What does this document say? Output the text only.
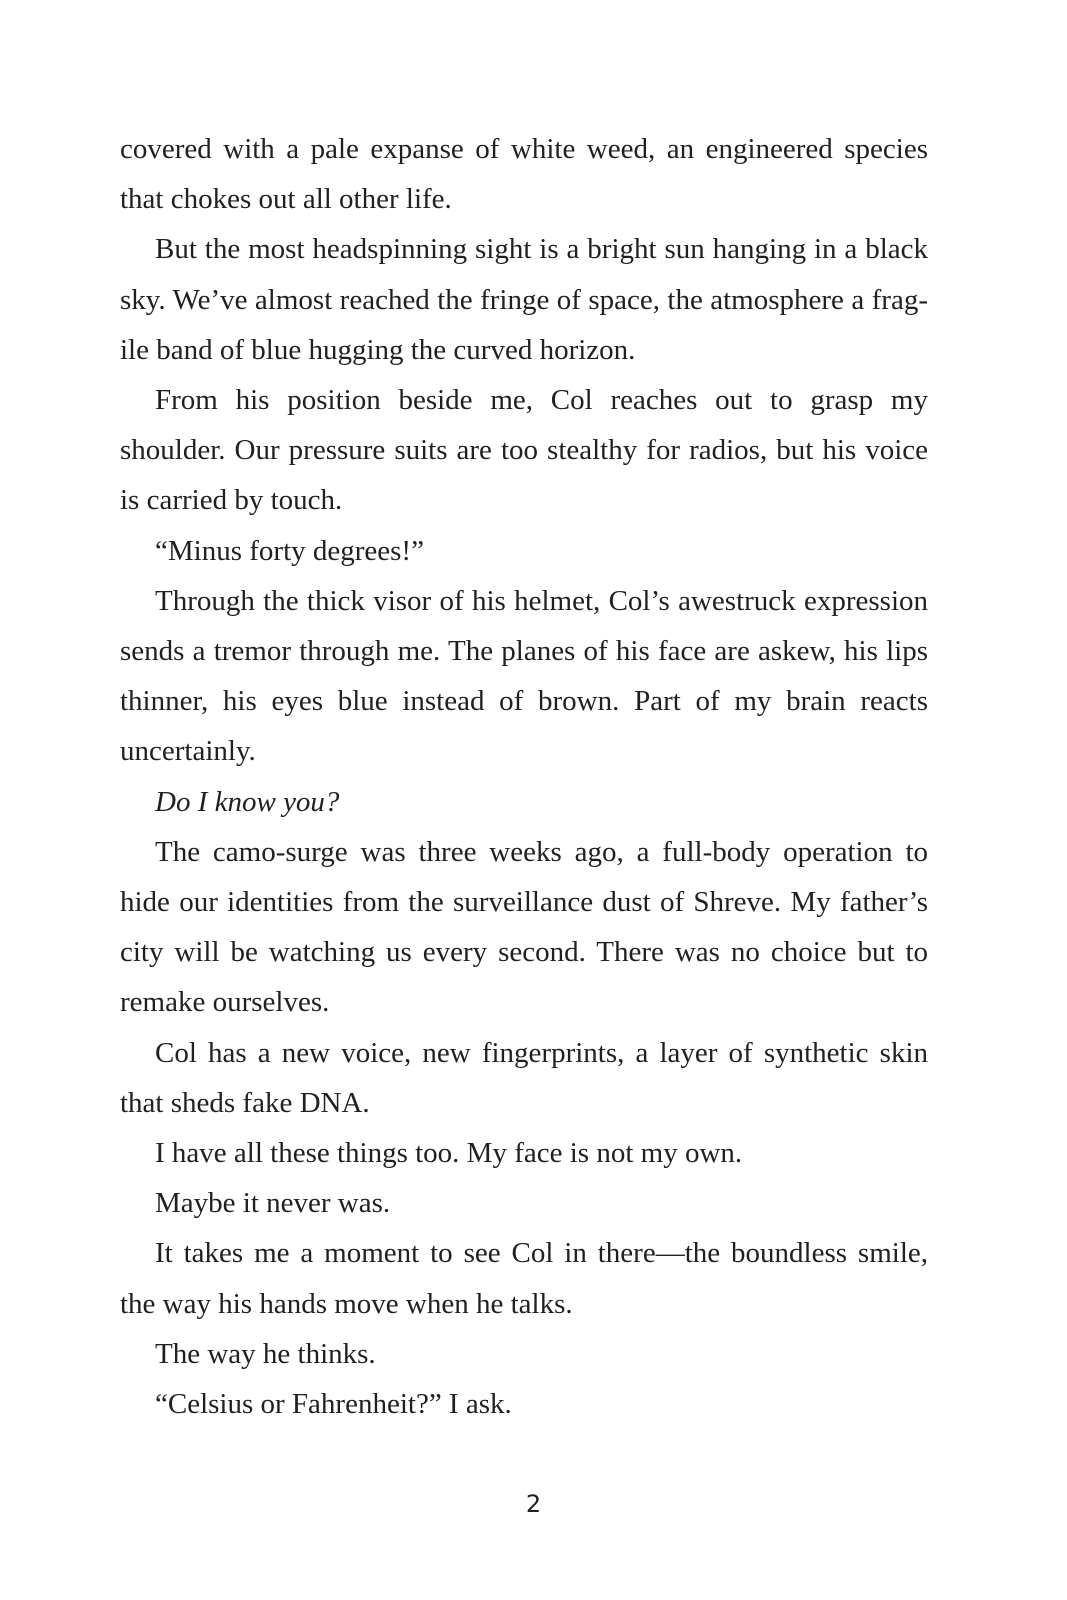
covered with a pale expanse of white weed, an engineered species that chokes out all other life.

But the most headspinning sight is a bright sun hanging in a black sky. We’ve almost reached the fringe of space, the atmosphere a fragile band of blue hugging the curved horizon.

From his position beside me, Col reaches out to grasp my shoulder. Our pressure suits are too stealthy for radios, but his voice is carried by touch.

“Minus forty degrees!”

Through the thick visor of his helmet, Col’s awestruck expression sends a tremor through me. The planes of his face are askew, his lips thinner, his eyes blue instead of brown. Part of my brain reacts uncertainly.

Do I know you?

The camo-surge was three weeks ago, a full-body operation to hide our identities from the surveillance dust of Shreve. My father’s city will be watching us every second. There was no choice but to remake ourselves.

Col has a new voice, new fingerprints, a layer of synthetic skin that sheds fake DNA.

I have all these things too. My face is not my own.

Maybe it never was.

It takes me a moment to see Col in there—the boundless smile, the way his hands move when he talks.

The way he thinks.

“Celsius or Fahrenheit?” I ask.

2
